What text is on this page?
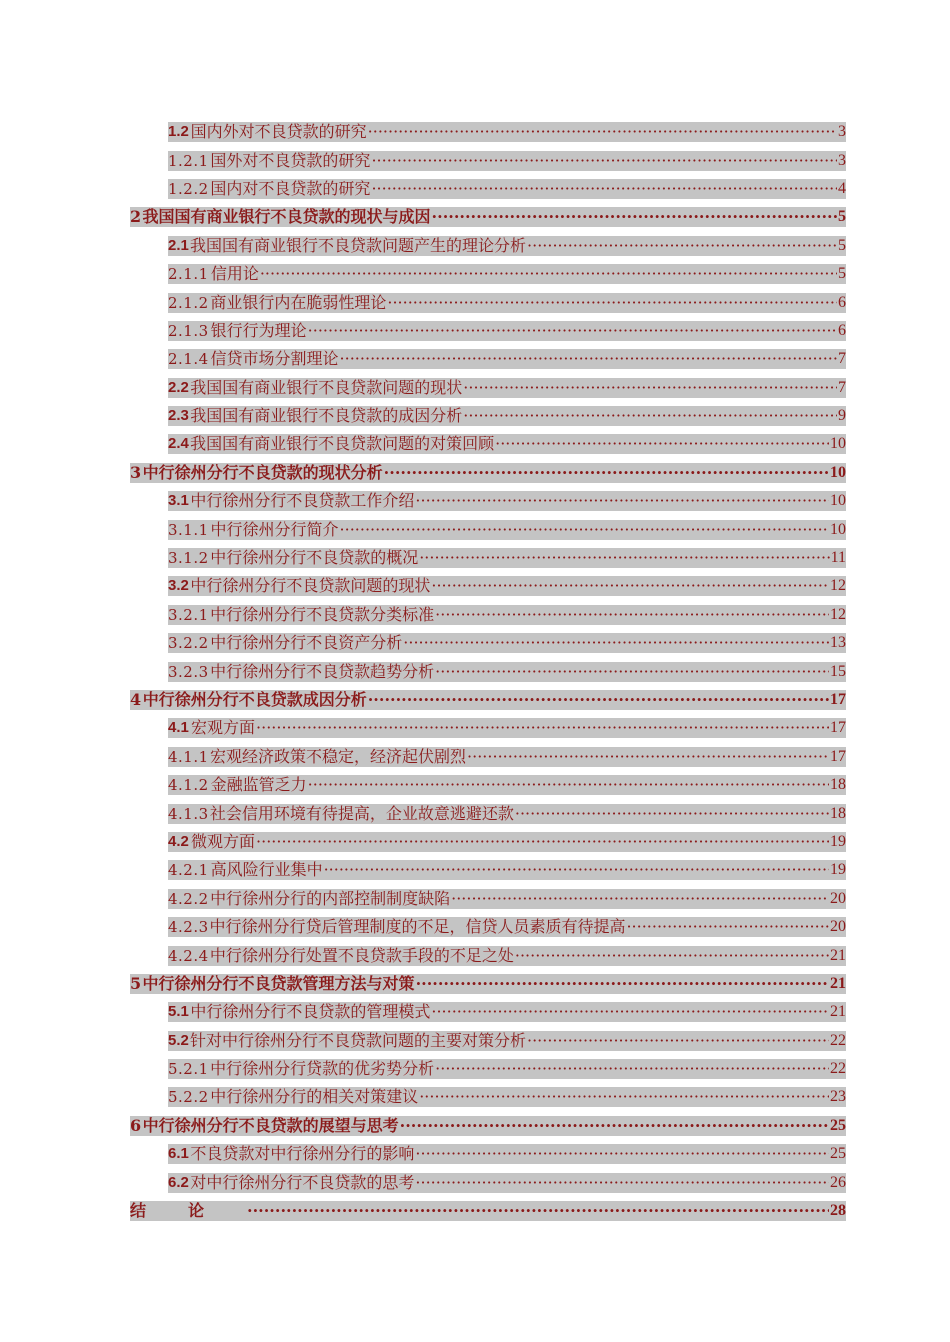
1.2 国内外对不良贷款的研究 ·····	3
1.2.1 国外对不良贷款的研究 ·····	3
1.2.2 国内对不良贷款的研究 ·····	4
2 我国国有商业银行不良贷款的现状与成因 ·····	5
2.1 我国国有商业银行不良贷款问题产生的理论分析 ·····	5
2.1.1 信用论 ·····	5
2.1.2 商业银行内在脆弱性理论 ·····	6
2.1.3 银行行为理论 ·····	6
2.1.4 信贷市场分割理论 ·····	7
2.2 我国国有商业银行不良贷款问题的现状 ·····	7
2.3 我国国有商业银行不良贷款的成因分析 ·····	9
2.4 我国国有商业银行不良贷款问题的对策回顾 ·····	10
3 中行徐州分行不良贷款的现状分析 ·····	10
3.1 中行徐州分行不良贷款工作介绍 ·····	10
3.1.1 中行徐州分行简介 ·····	10
3.1.2 中行徐州分行不良贷款的概况 ·····	11
3.2 中行徐州分行不良贷款问题的现状 ·····	12
3.2.1 中行徐州分行不良贷款分类标准 ·····	12
3.2.2 中行徐州分行不良资产分析 ·····	13
3.2.3 中行徐州分行不良贷款趋势分析 ·····	15
4 中行徐州分行不良贷款成因分析 ·····	17
4.1 宏观方面 ·····	17
4.1.1 宏观经济政策不稳定，经济起伏剧烈 ·····	17
4.1.2 金融监管乏力 ·····	18
4.1.3 社会信用环境有待提高，企业故意逃避还款 ·····	18
4.2 微观方面 ·····	19
4.2.1 高风险行业集中 ·····	19
4.2.2 中行徐州分行的内部控制制度缺陷 ·····	20
4.2.3 中行徐州分行贷后管理制度的不足，信贷人员素质有待提高 ·····	20
4.2.4 中行徐州分行处置不良贷款手段的不足之处 ·····	21
5 中行徐州分行不良贷款管理方法与对策 ·····	21
5.1 中行徐州分行不良贷款的管理模式 ·····	21
5.2 针对中行徐州分行不良贷款问题的主要对策分析 ·····	22
5.2.1 中行徐州分行贷款的优劣势分析 ·····	22
5.2.2 中行徐州分行的相关对策建议 ·····	23
6 中行徐州分行不良贷款的展望与思考 ·····	25
6.1 不良贷款对中行徐州分行的影响 ·····	25
6.2 对中行徐州分行不良贷款的思考 ·····	26
结论 ·····	28
